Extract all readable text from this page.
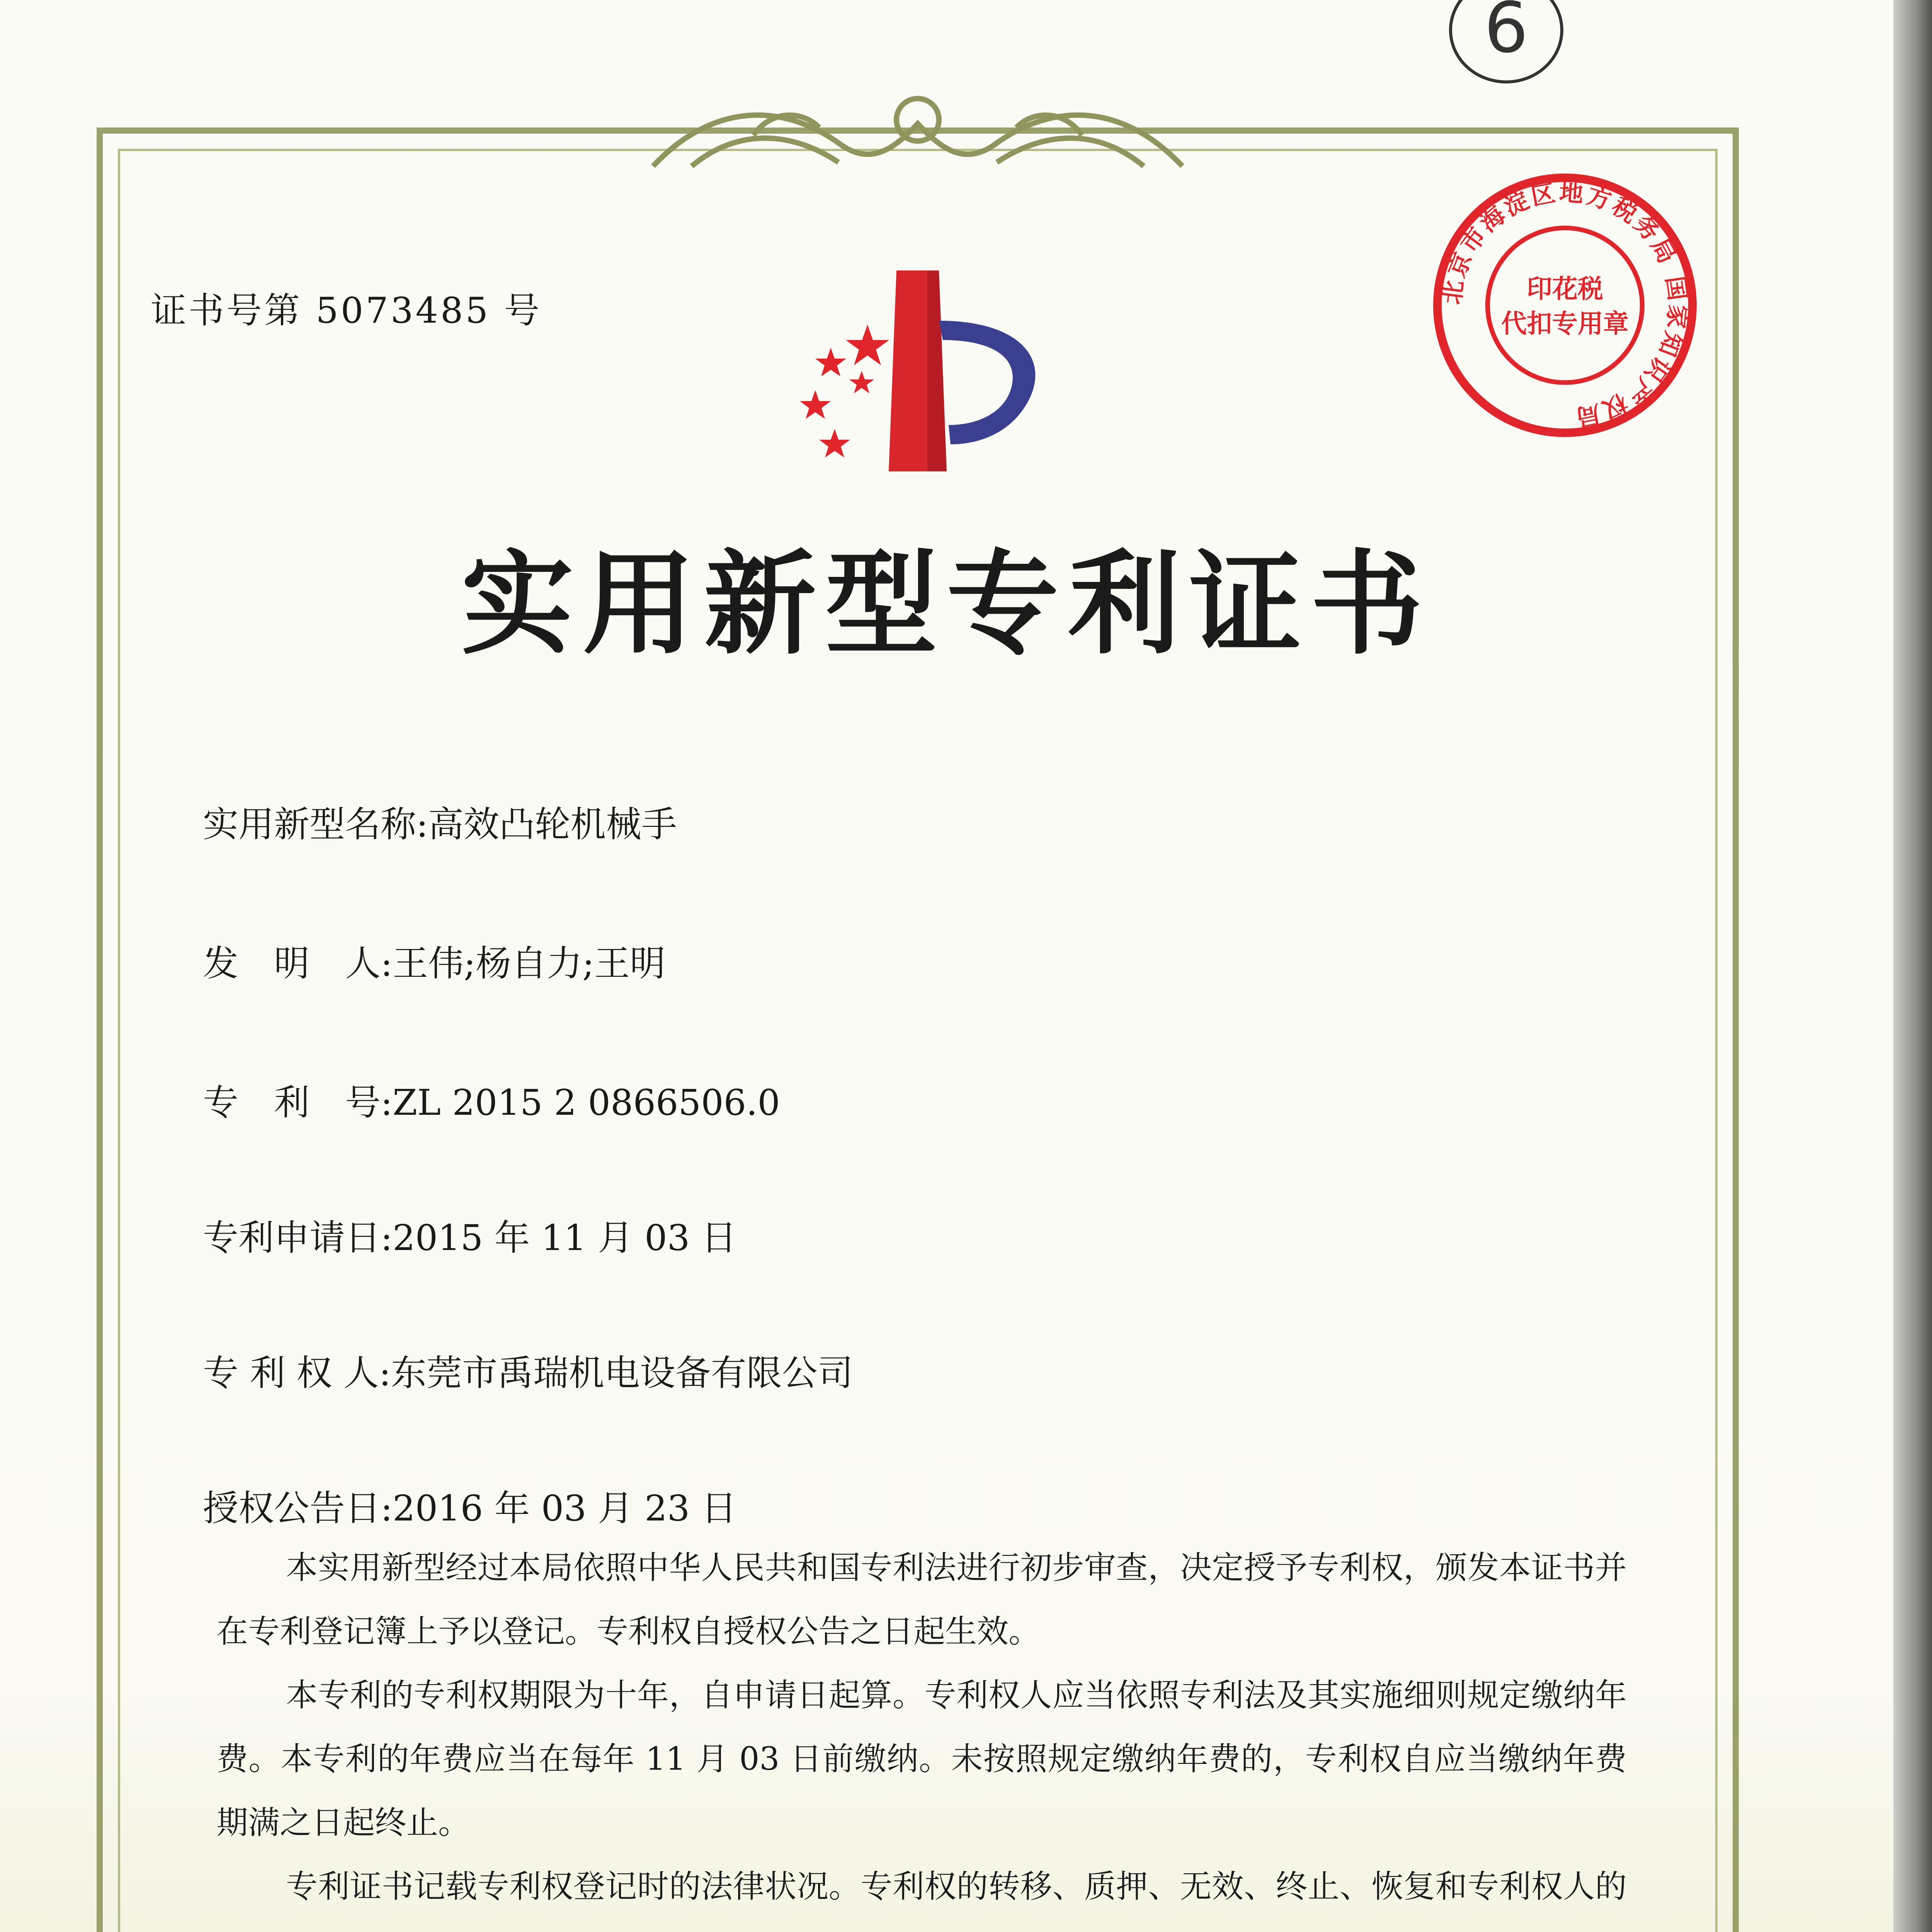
6
证书号第 5073485 号	北京市海淀区地方税务局 国家知识产权局
印花税
代扣专用章
实用新型专利证书
实用新型名称:高效凸轮机械手
发　明　人:王伟;杨自力;王明
专　利　号:ZL 2015 2 0866506.0
专利申请日:2015 年 11 月 03 日
专 利 权 人:东莞市禹瑞机电设备有限公司
授权公告日:2016 年 03 月 23 日

本实用新型经过本局依照中华人民共和国专利法进行初步审查，决定授予专利权，颁发本证书并在专利登记簿上予以登记。专利权自授权公告之日起生效。

本专利的专利权期限为十年，自申请日起算。专利权人应当依照专利法及其实施细则规定缴纳年费。本专利的年费应当在每年 11 月 03 日前缴纳。未按照规定缴纳年费的，专利权自应当缴纳年费期满之日起终止。

专利证书记载专利权登记时的法律状况。专利权的转移、质押、无效、终止、恢复和专利权人的
